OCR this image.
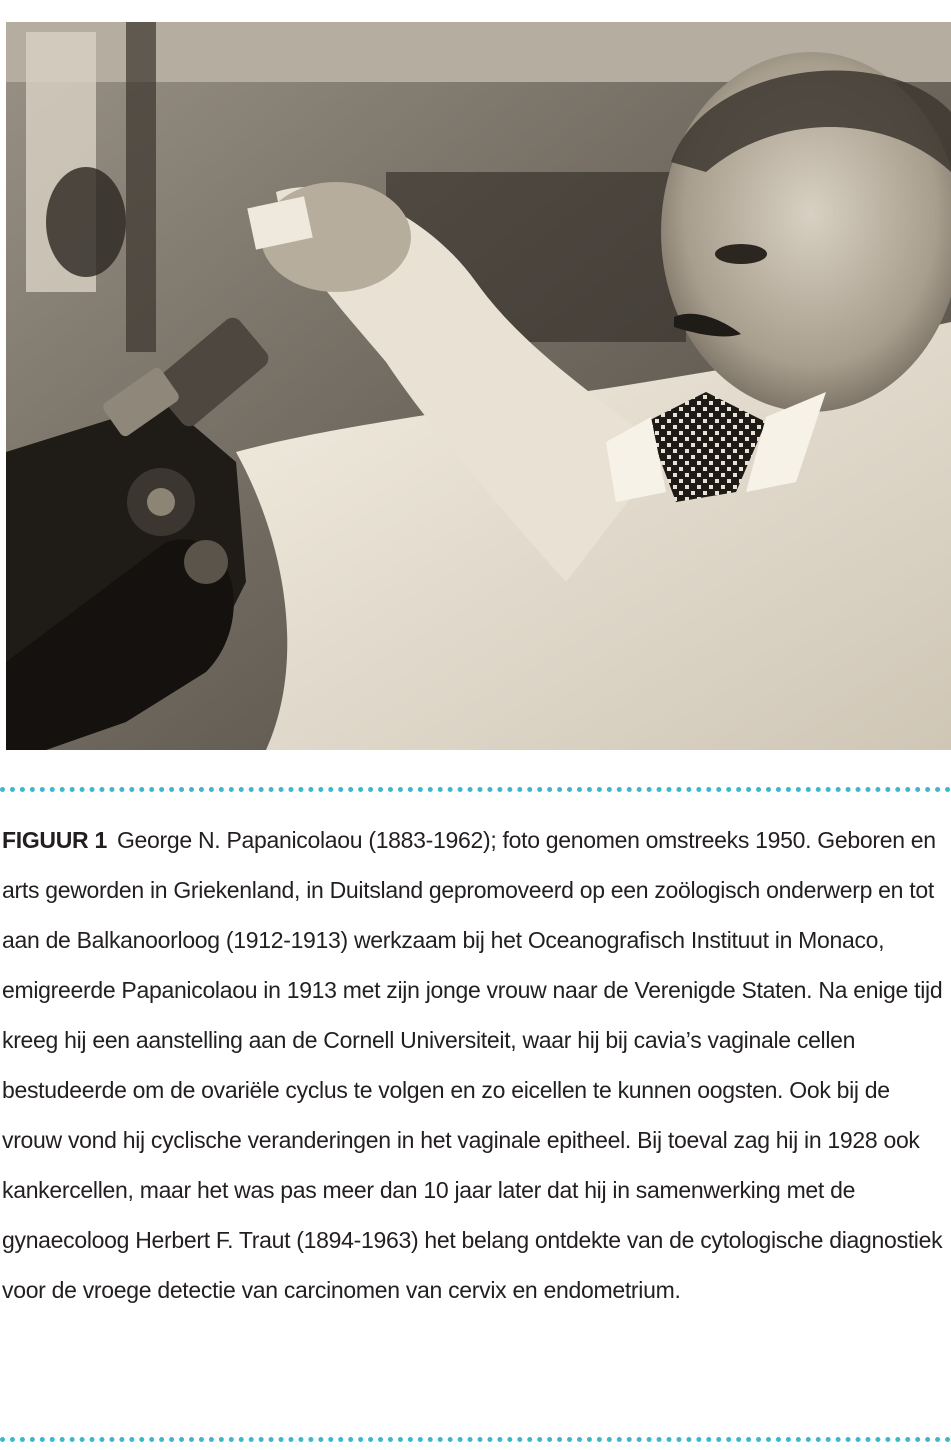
FIGUUR 1 George N. Papanicolaou (1883-1962); foto genomen omstreeks 1950. Geboren en arts geworden in Griekenland, in Duitsland gepromoveerd op een zoölogisch onderwerp en tot aan de Balkanoorloog (1912-1913) werkzaam bij het Oceanografisch Instituut in Monaco, emigreerde Papanicolaou in 1913 met zijn jonge vrouw naar de Verenigde Staten. Na enige tijd kreeg hij een aanstelling aan de Cornell Universiteit, waar hij bij cavia’s vaginale cellen bestudeerde om de ovariële cyclus te volgen en zo eicellen te kunnen oogsten. Ook bij de vrouw vond hij cyclische veranderingen in het vaginale epitheel. Bij toeval zag hij in 1928 ook kankercellen, maar het was pas meer dan 10 jaar later dat hij in samenwerking met de gynaecoloog Herbert F. Traut (1894-1963) het belang ontdekte van de cytologische diagnostiek voor de vroege detectie van carcinomen van cervix en endometrium.
